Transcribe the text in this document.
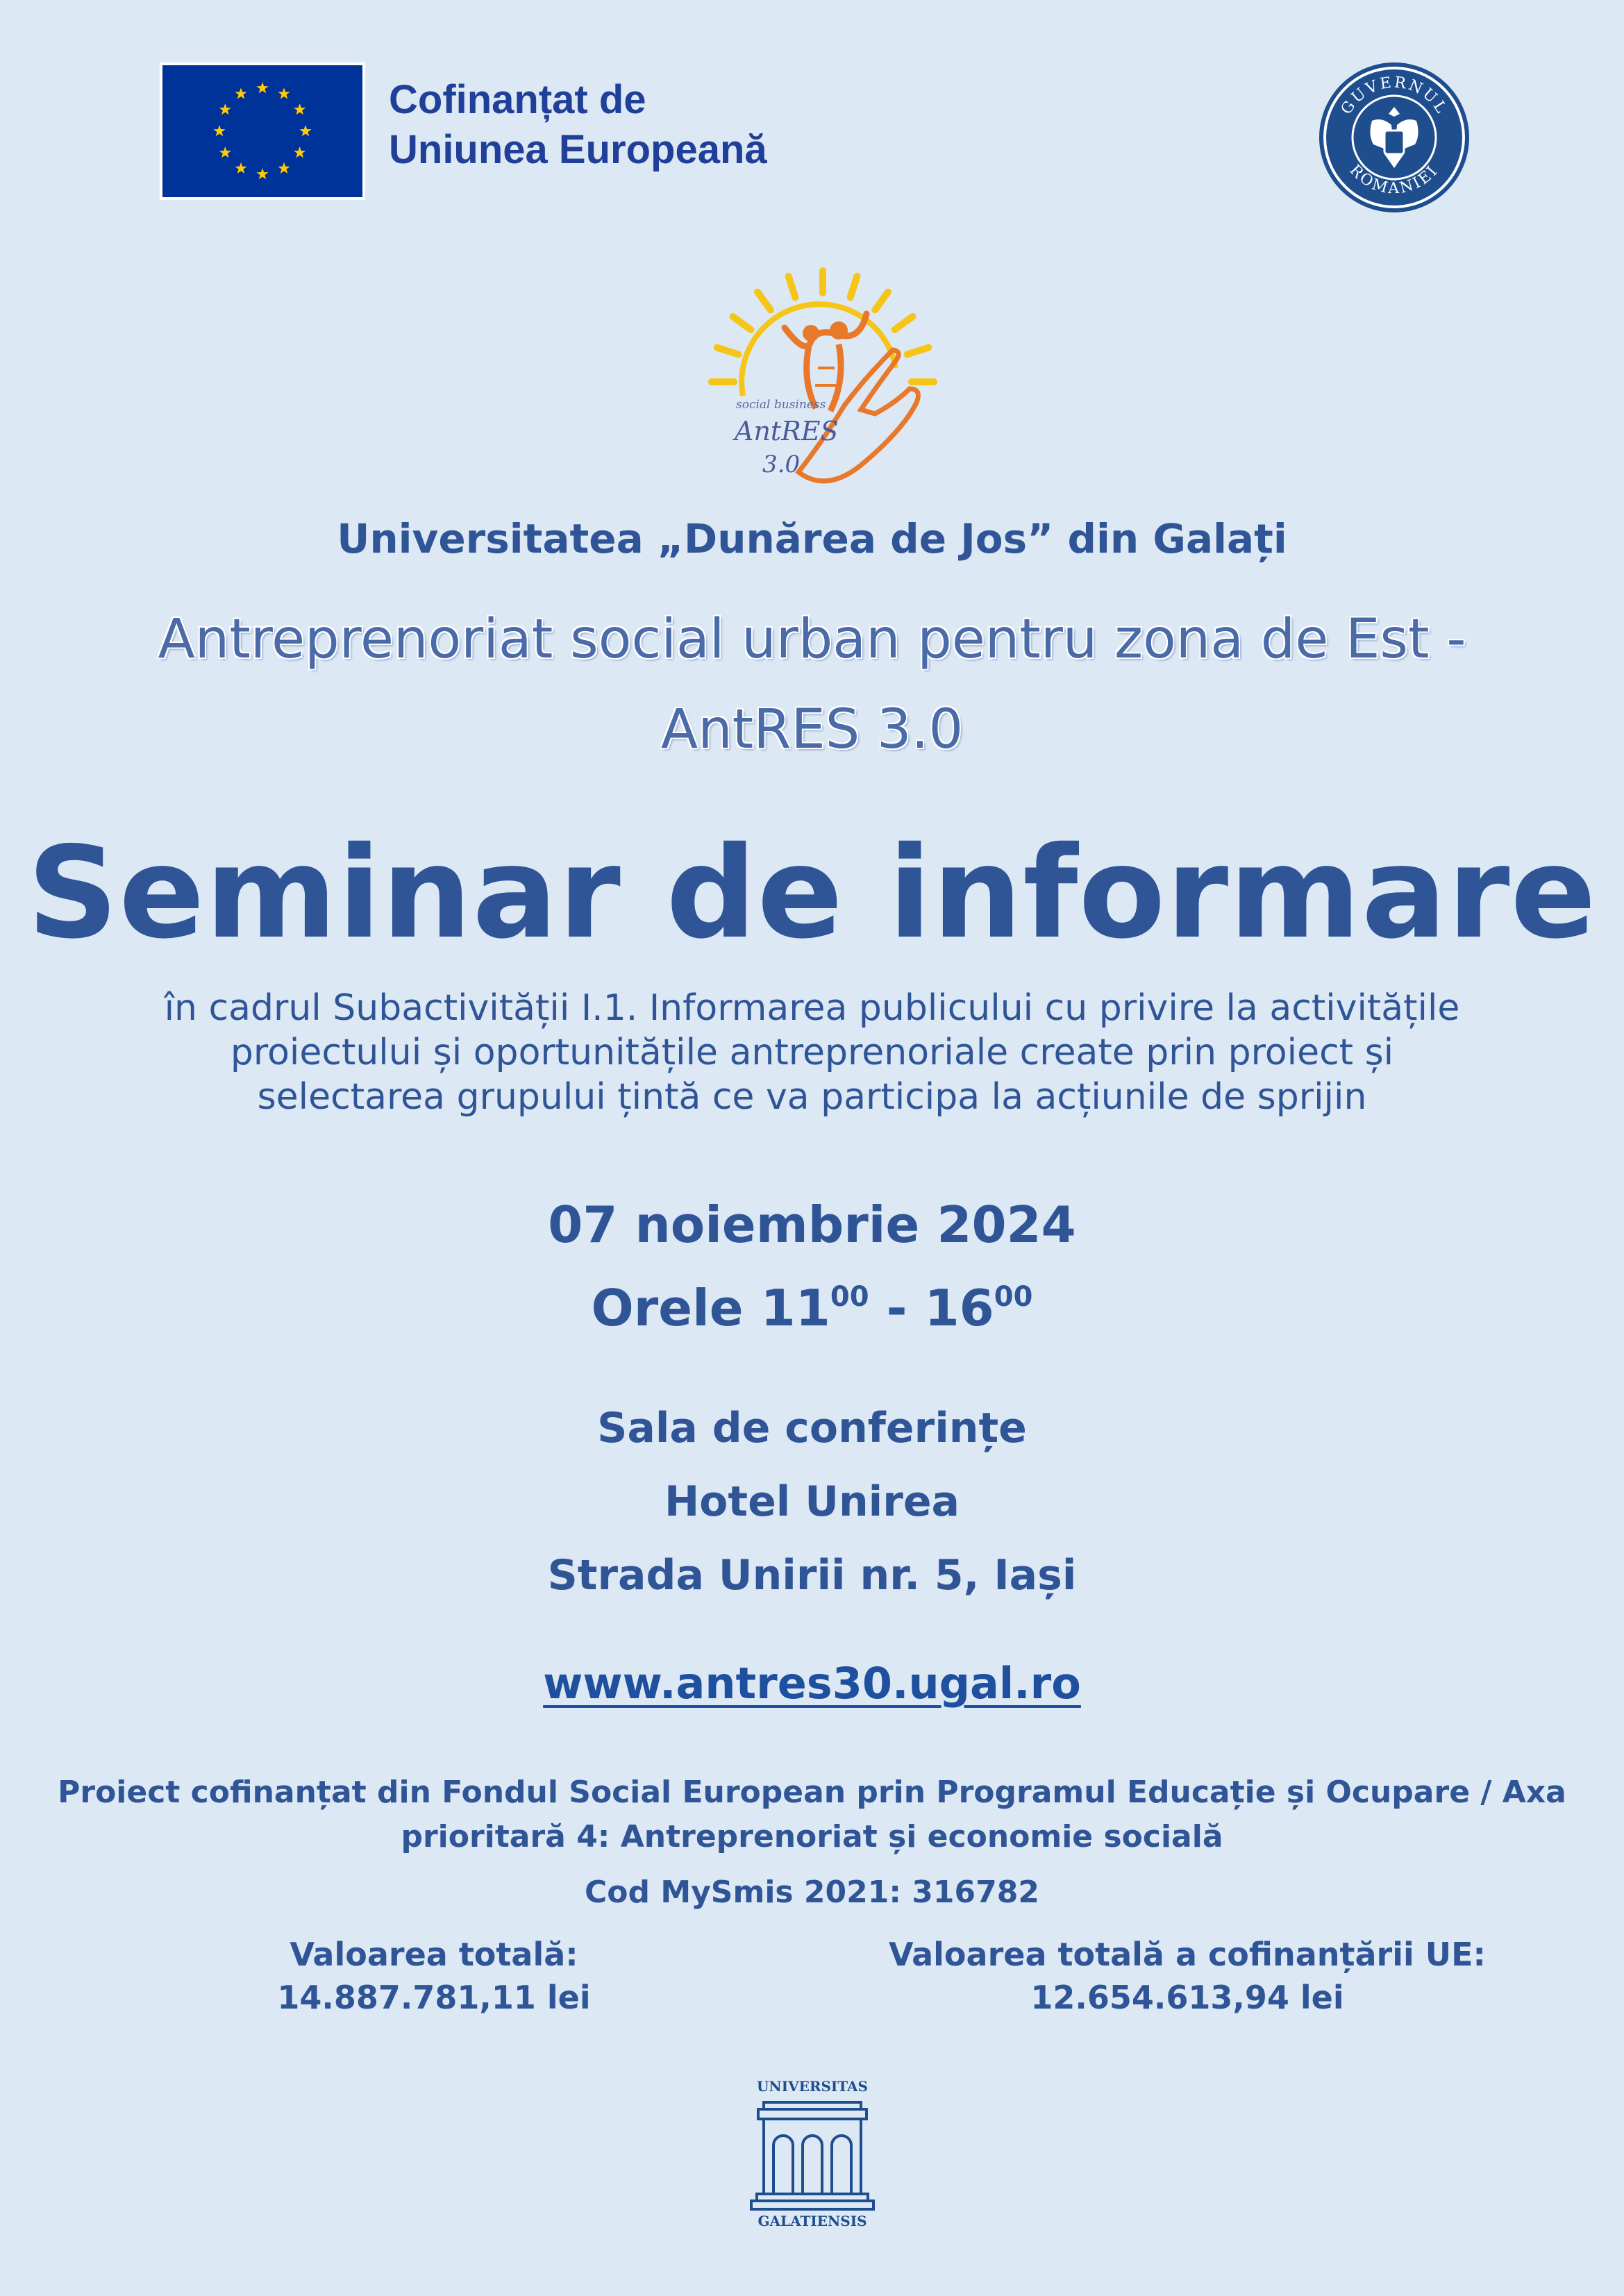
Cofinanțat de
Uniunea Europeană
GUVERNUL
ROMÂNIEI
social business
AntRES
3.0
Universitatea „Dunărea de Jos” din Galați
Antreprenoriat social urban pentru zona de Est -
AntRES 3.0
Seminar de informare
în cadrul Subactivității I.1. Informarea publicului cu privire la activitățile
proiectului și oportunitățile antreprenoriale create prin proiect și
selectarea grupului țintă ce va participa la acțiunile de sprijin
07 noiembrie 2024
Orele $11^{00} - 16^{00}$
Sala de conferințe
Hotel Unirea
Strada Unirii nr. 5, Iași
www.antres30.ugal.ro
Proiect cofinanțat din Fondul Social European prin Programul Educație și Ocupare / Axa
prioritară 4: Antreprenoriat și economie socială
Cod MySmis 2021: 316782
Valoarea totală:
14.887.781,11 lei
Valoarea totală a cofinanțării UE:
12.654.613,94 lei
UNIVERSITAS
GALATIENSIS
